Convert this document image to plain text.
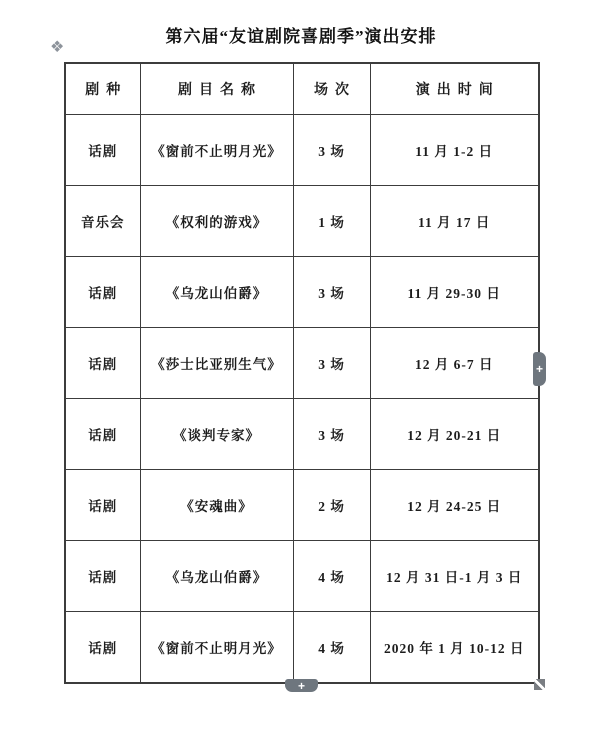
❖
第六届“友谊剧院喜剧季”演出安排
剧种	剧目名称	场次	演出时间
话剧	《窗前不止明月光》	3 场	11 月 1-2 日
音乐会	《权利的游戏》	1 场	11 月 17 日
话剧	《乌龙山伯爵》	3 场	11 月 29-30 日
话剧	《莎士比亚别生气》	3 场	12 月 6-7 日
话剧	《谈判专家》	3 场	12 月 20-21 日
话剧	《安魂曲》	2 场	12 月 24-25 日
话剧	《乌龙山伯爵》	4 场	12 月 31 日-1 月 3 日
话剧	《窗前不止明月光》	4 场	2020 年 1 月 10-12 日
+
+
